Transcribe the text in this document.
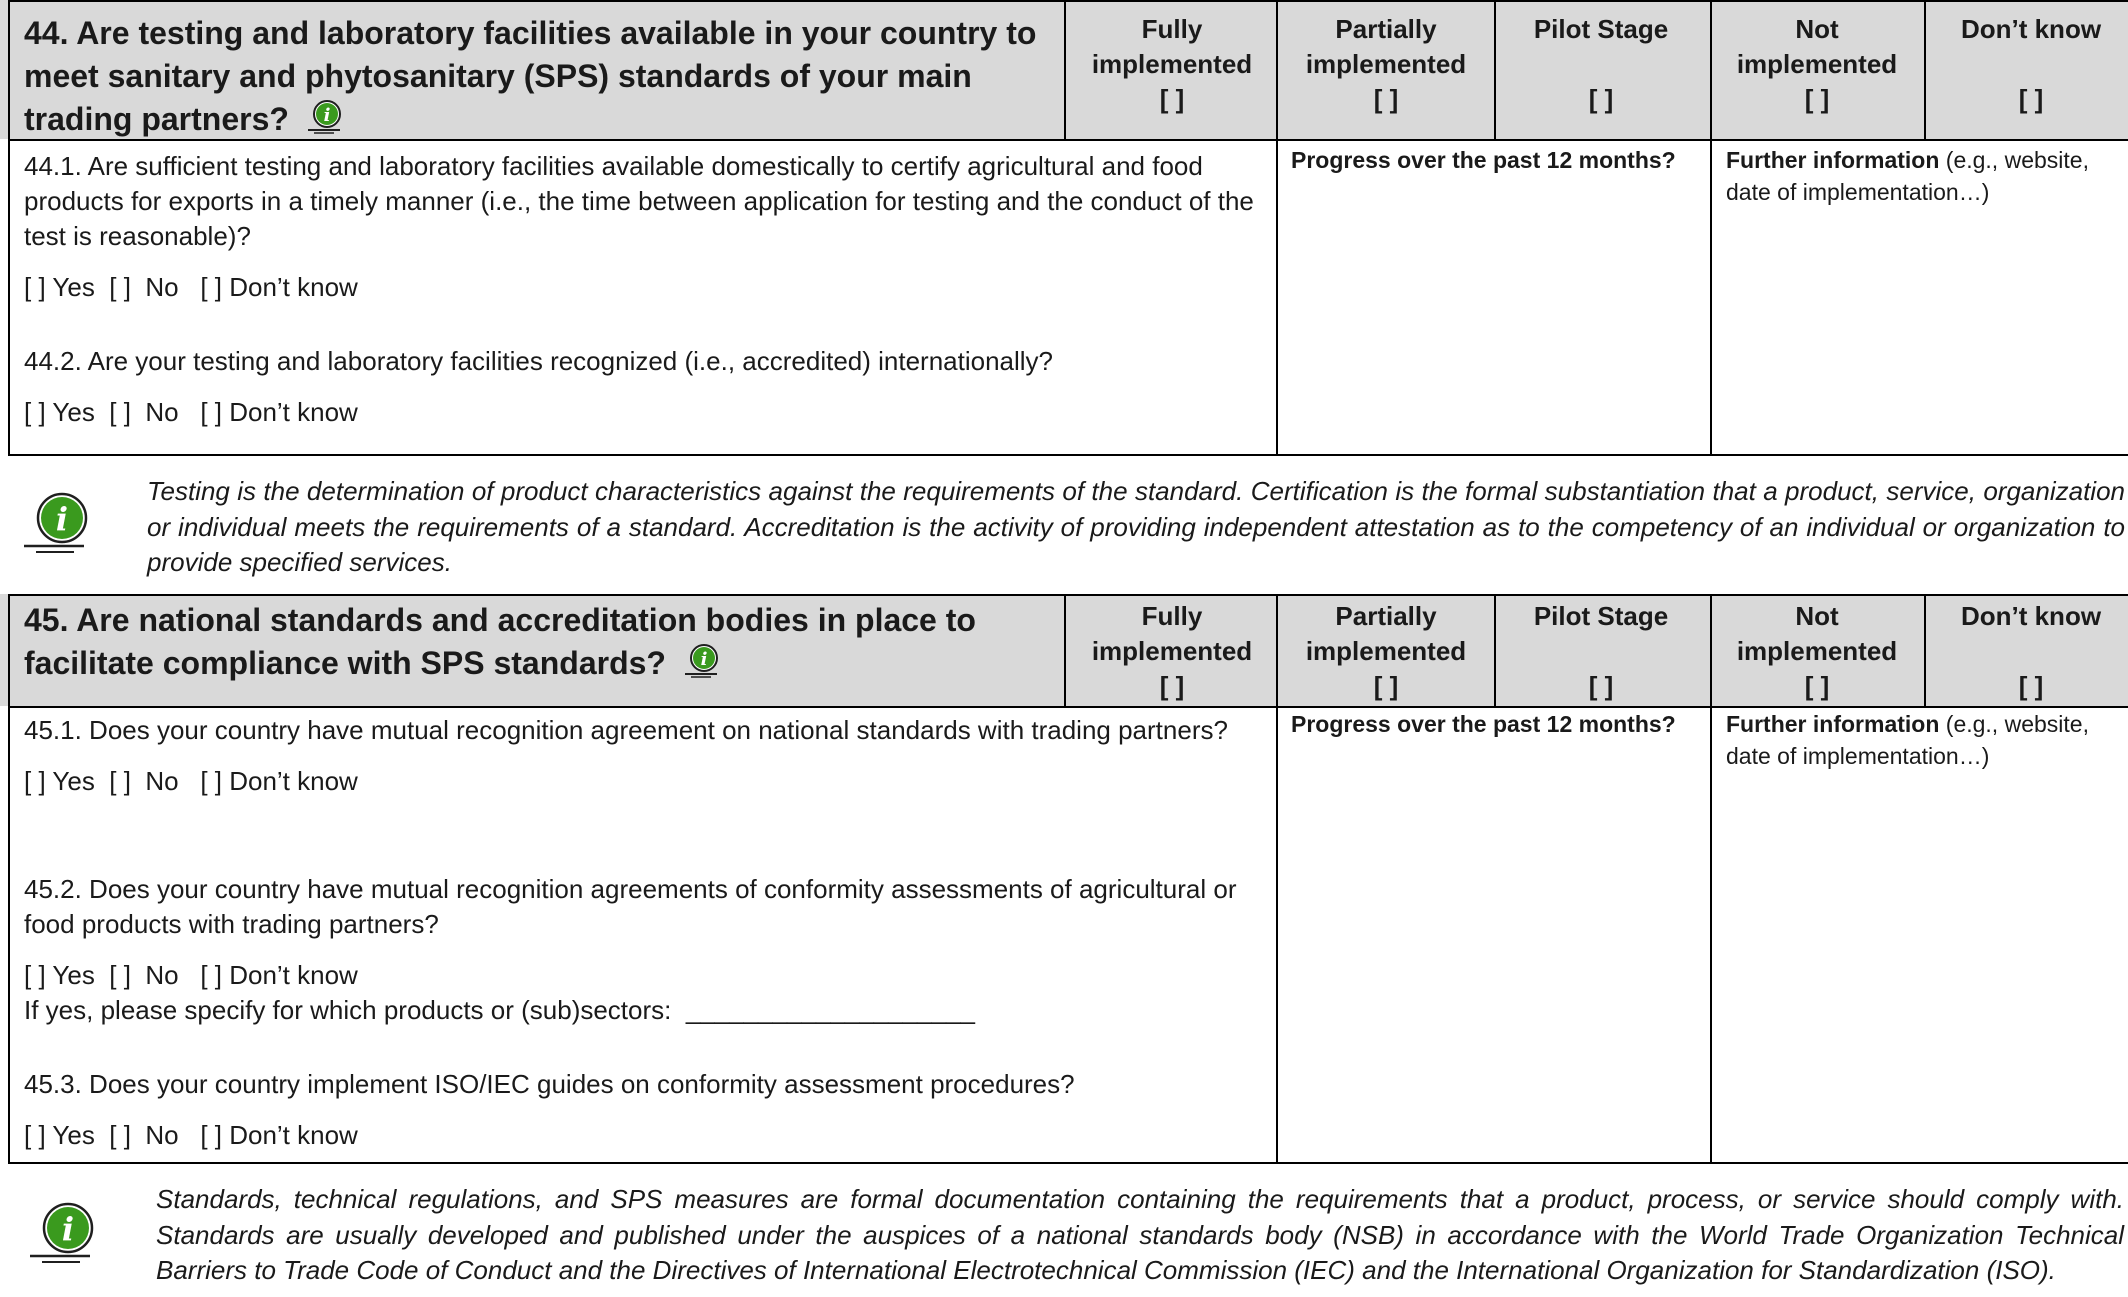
44. Are testing and laboratory facilities available in your country to meet sanitary and phytosanitary (SPS) standards of your main trading partners? i
Fully implemented
[ ]
Partially implemented
[ ]
Pilot Stage
[ ]
Not implemented
[ ]
Don’t know
[ ]
44.1. Are sufficient testing and laboratory facilities available domestically to certify agricultural and food products for exports in a timely manner (i.e., the time between application for testing and the conduct of the test is reasonable)?
[ ] Yes  [ ]  No   [ ] Don’t know
44.2. Are your testing and laboratory facilities recognized (i.e., accredited) internationally?
[ ] Yes  [ ]  No   [ ] Don’t know
Progress over the past 12 months?	Further information (e.g., website, date of implementation…)
i
Testing is the determination of product characteristics against the requirements of the standard. Certification is the formal substantiation that a product, service, organization or individual meets the requirements of a standard. Accreditation is the activity of providing independent attestation as to the competency of an individual or organization to provide specified services.
45. Are national standards and accreditation bodies in place to facilitate compliance with SPS standards? i
Fully implemented
[ ]
Partially implemented
[ ]
Pilot Stage
[ ]
Not implemented
[ ]
Don’t know
[ ]
45.1. Does your country have mutual recognition agreement on national standards with trading partners?
[ ] Yes  [ ]  No   [ ] Don’t know
45.2. Does your country have mutual recognition agreements of conformity assessments of agricultural or food products with trading partners?
[ ] Yes  [ ]  No   [ ] Don’t know
If yes, please specify for which products or (sub)sectors:  ____________________
45.3. Does your country implement ISO/IEC guides on conformity assessment procedures?
[ ] Yes  [ ]  No   [ ] Don’t know
Progress over the past 12 months?	Further information (e.g., website, date of implementation…)
i
Standards, technical regulations, and SPS measures are formal documentation containing the requirements that a product, process, or service should comply with. Standards are usually developed and published under the auspices of a national standards body (NSB) in accordance with the World Trade Organization Technical Barriers to Trade Code of Conduct and the Directives of International Electrotechnical Commission (IEC) and the International Organization for Standardization (ISO).
